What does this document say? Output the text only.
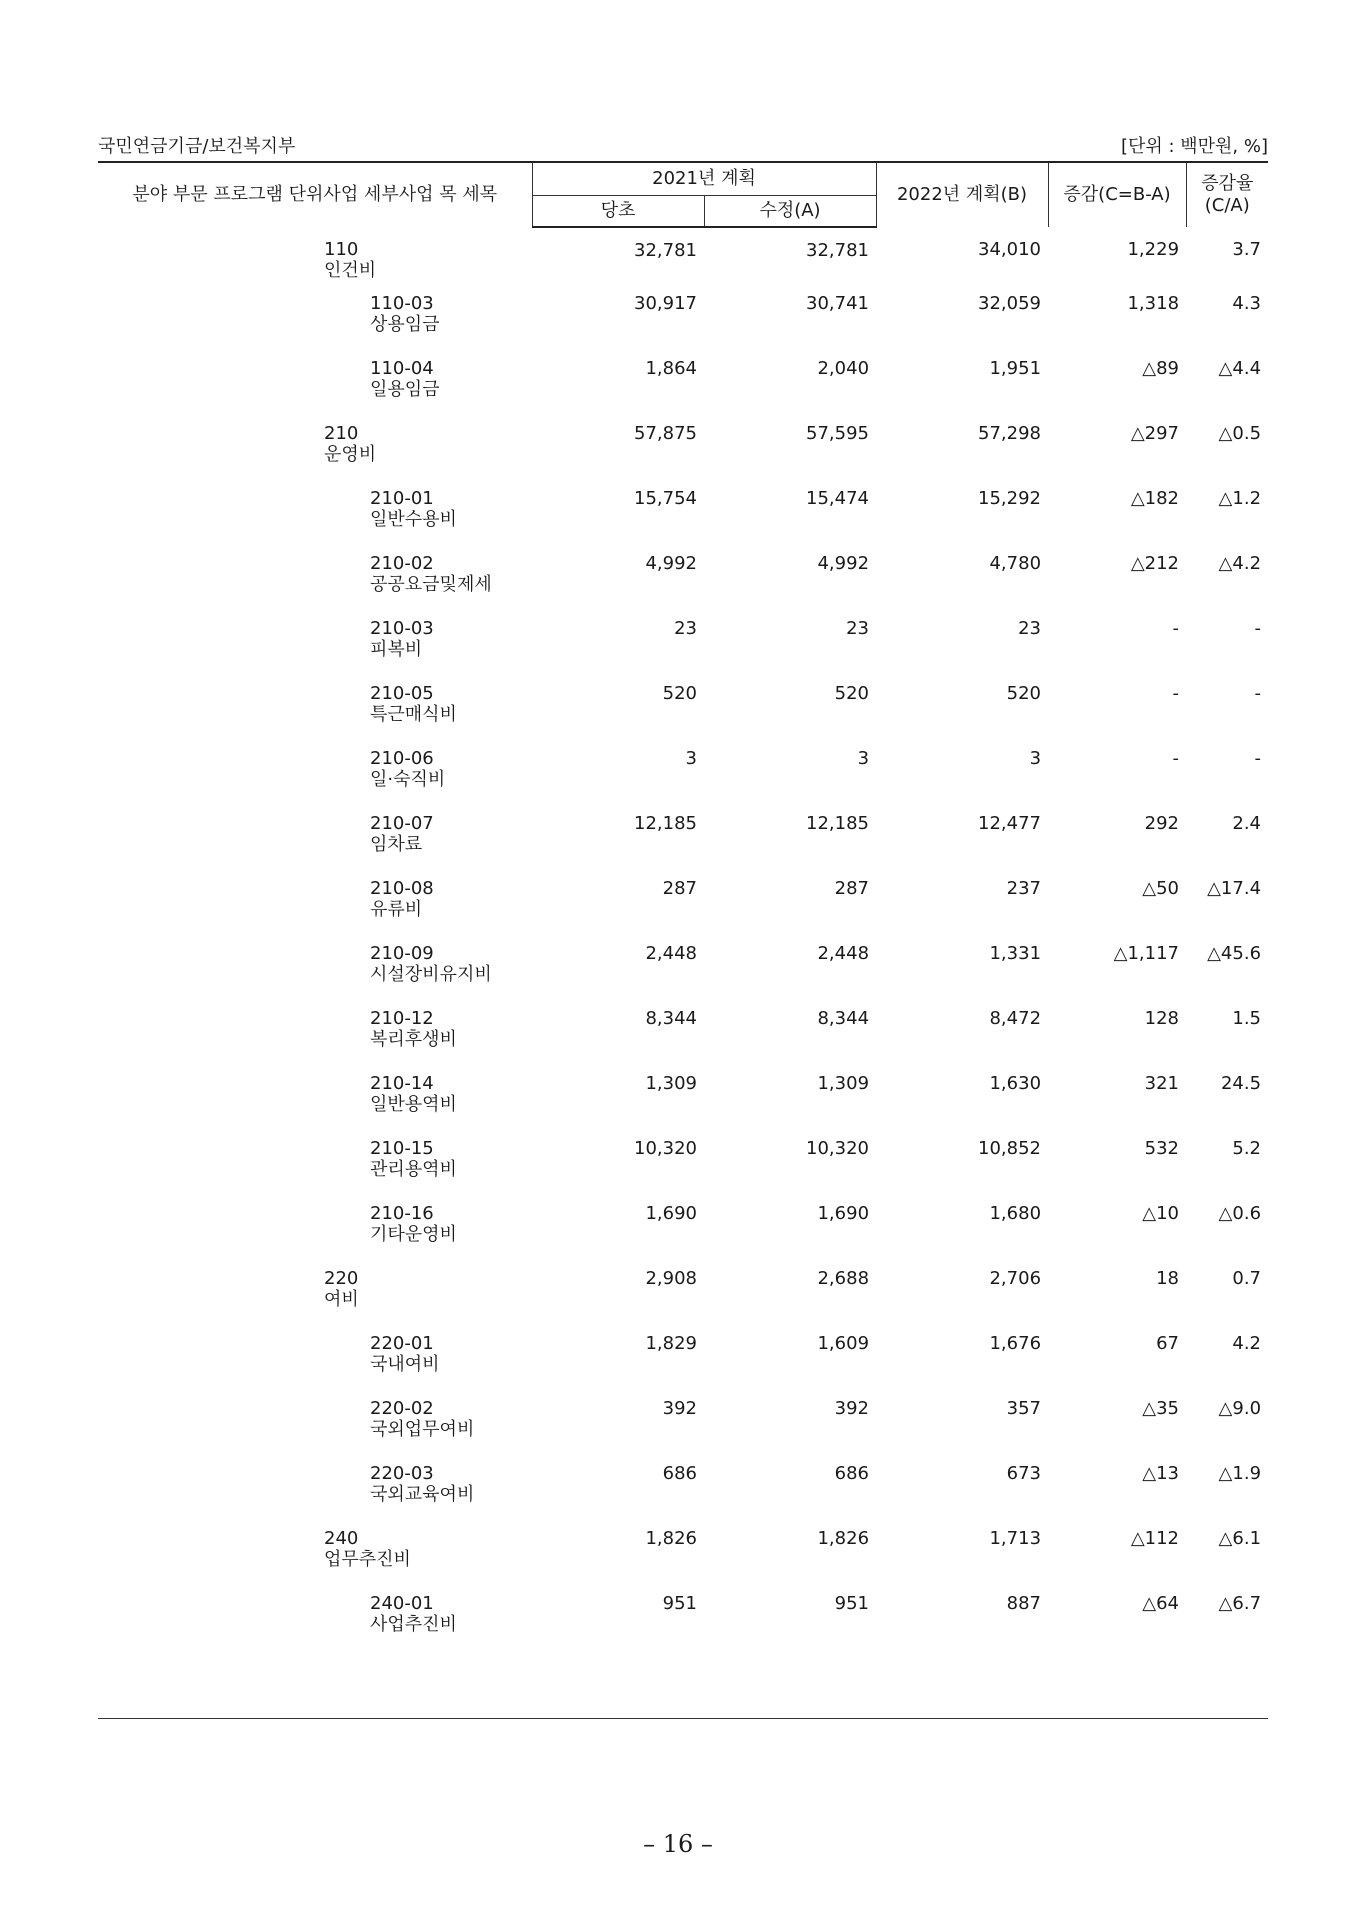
국민연금기금/보건복지부	[단위 : 백만원, %]
분야 부문 프로그램 단위사업 세부사업 목 세목	2021년 계획		2022년 계획(B)	증감(C=B-A)	증감율 (C/A)
	당초	수정(A)			

110
인건비	32,781	32,781	34,010	1,229	3.7

110-03
상용임금	30,917	30,741	32,059	1,318	4.3

110-04
일용임금	1,864	2,040	1,951	△89	△4.4

210
운영비	57,875	57,595	57,298	△297	△0.5

210-01
일반수용비	15,754	15,474	15,292	△182	△1.2

210-02
공공요금및제세	4,992	4,992	4,780	△212	△4.2

210-03
피복비	23	23	23	-	-

210-05
특근매식비	520	520	520	-	-

210-06
일·숙직비	3	3	3	-	-

210-07
임차료	12,185	12,185	12,477	292	2.4

210-08
유류비	287	287	237	△50	△17.4

210-09
시설장비유지비	2,448	2,448	1,331	△1,117	△45.6

210-12
복리후생비	8,344	8,344	8,472	128	1.5

210-14
일반용역비	1,309	1,309	1,630	321	24.5

210-15
관리용역비	10,320	10,320	10,852	532	5.2

210-16
기타운영비	1,690	1,690	1,680	△10	△0.6

220
여비	2,908	2,688	2,706	18	0.7

220-01
국내여비	1,829	1,609	1,676	67	4.2

220-02
국외업무여비	392	392	357	△35	△9.0

220-03
국외교육여비	686	686	673	△13	△1.9

240
업무추진비	1,826	1,826	1,713	△112	△6.1

240-01
사업추진비	951	951	887	△64	△6.7
– 16 –
